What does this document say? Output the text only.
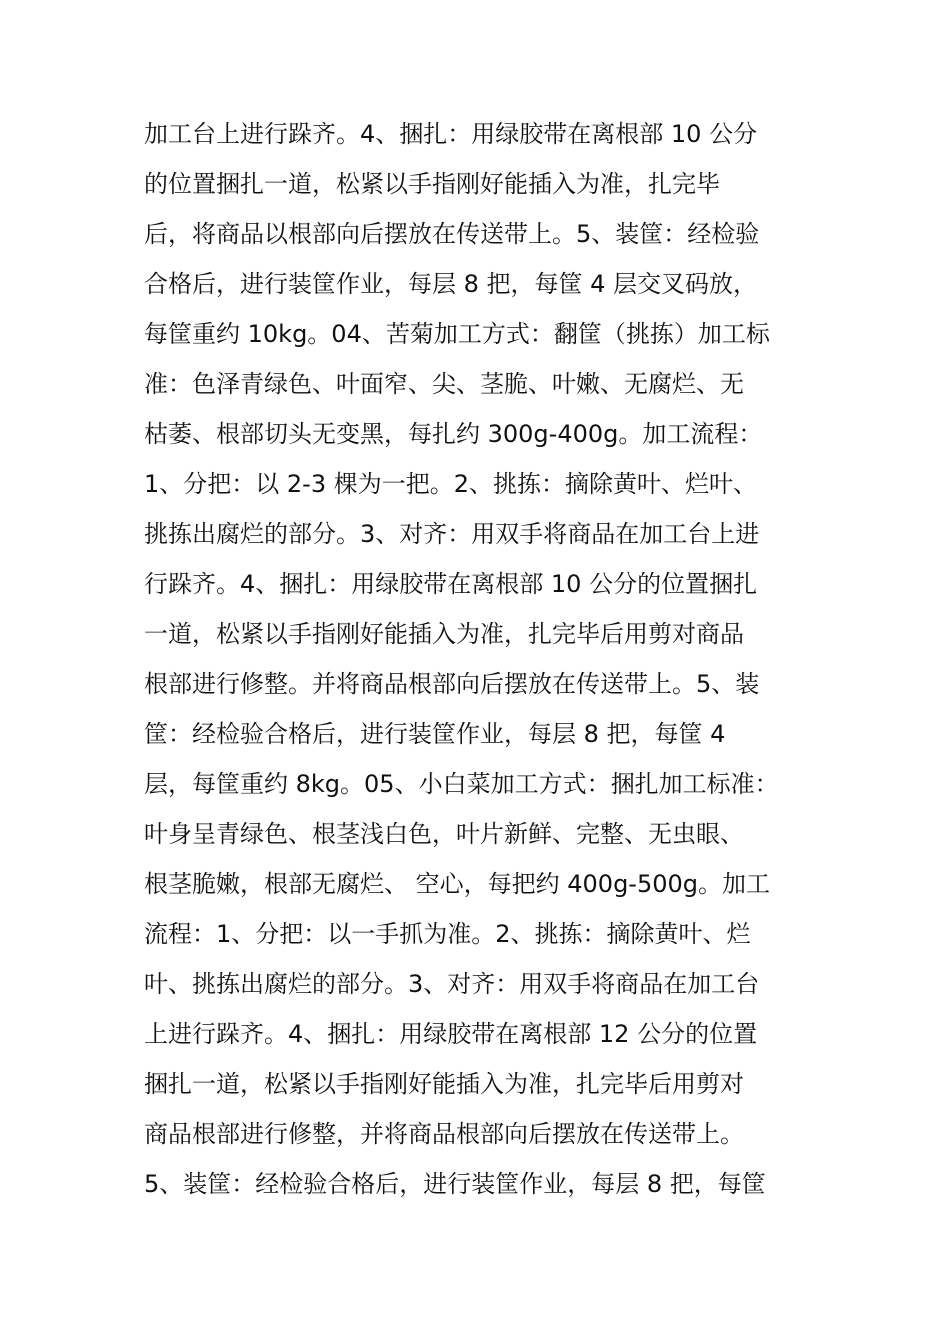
加工台上进行跺齐。4、捆扎：用绿胶带在离根部 10 公分
的位置捆扎一道，松紧以手指刚好能插入为准，扎完毕
后，将商品以根部向后摆放在传送带上。5、装筐：经检验
合格后，进行装筐作业，每层 8 把，每筐 4 层交叉码放，
每筐重约 10kg。04、苦菊加工方式：翻筐（挑拣）加工标
准：色泽青绿色、叶面窄、尖、茎脆、叶嫩、无腐烂、无
枯萎、根部切头无变黑，每扎约 300g-400g。加工流程：
1、分把：以 2-3 棵为一把。2、挑拣：摘除黄叶、烂叶、
挑拣出腐烂的部分。3、对齐：用双手将商品在加工台上进
行跺齐。4、捆扎：用绿胶带在离根部 10 公分的位置捆扎
一道，松紧以手指刚好能插入为准，扎完毕后用剪对商品
根部进行修整。并将商品根部向后摆放在传送带上。5、装
筐：经检验合格后，进行装筐作业，每层 8 把，每筐 4
层，每筐重约 8kg。05、小白菜加工方式：捆扎加工标准：
叶身呈青绿色、根茎浅白色，叶片新鲜、完整、无虫眼、
根茎脆嫩，根部无腐烂、 空心，每把约 400g-500g。加工
流程：1、分把：以一手抓为准。2、挑拣：摘除黄叶、烂
叶、挑拣出腐烂的部分。3、对齐：用双手将商品在加工台
上进行跺齐。4、捆扎：用绿胶带在离根部 12 公分的位置
捆扎一道，松紧以手指刚好能插入为准，扎完毕后用剪对
商品根部进行修整，并将商品根部向后摆放在传送带上。
5、装筐：经检验合格后，进行装筐作业，每层 8 把，每筐
